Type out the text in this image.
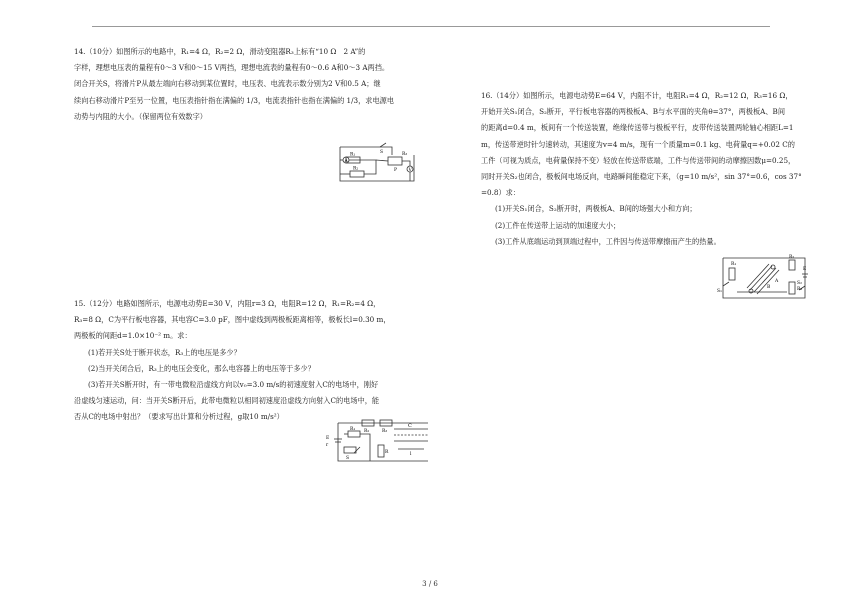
14.（10分）如图所示的电路中，R₁=4 Ω，R₂=2 Ω，滑动变阻器R₃上标有“10 Ω　2 A”的

字样，理想电压表的量程有0～3 V和0～15 V两挡，理想电流表的量程有0～0.6 A和0～3 A两挡。

闭合开关S，将滑片P从最左端向右移动到某位置时，电压表、电流表示数分别为2 V和0.5 A；继

续向右移动滑片P至另一位置，电压表指针指在满偏的 1/3，电流表指针也指在满偏的 1/3，求电源电

动势与内阻的大小。（保留两位有效数字）

A
V
R₁
R₂
R₃
S
P

15.（12分）电路如图所示，电源电动势E=30 V，内阻r=3 Ω，电阻R=12 Ω，R₁=R₂=4 Ω，

R₃=8 Ω，C为平行板电容器，其电容C=3.0 pF，图中虚线到两极板距离相等，极板长l=0.30 m，

两极板的间距d=1.0×10⁻² m。求：

(1)若开关S处于断开状态，R₃上的电压是多少？

(2)当开关闭合后，R₃上的电压会变化，那么电容器上的电压等于多少？

(3)若开关S断开时，有一带电微粒沿虚线方向以v₀=3.0 m/s的初速度射入C的电场中，刚好

沿虚线匀速运动，问：当开关S断开后，此带电微粒以相同初速度沿虚线方向射入C的电场中，能

否从C的电场中射出？（要求写出计算和分析过程，g取10 m/s²）

E
r
R₁ R₂	R₃
R
S
C
l

16.（14分）如图所示，电源电动势E=64 V，内阻不计，电阻R₁=4 Ω，R₂=12 Ω，R₃=16 Ω，

开始开关S₁闭合，S₂断开，平行板电容器的两极板A、B与水平面的夹角θ=37°，两极板A、B间

的距离d=0.4 m，板间有一个传送装置，绝缘传送带与极板平行，皮带传送装置两轮轴心相距L=1

m，传送带逆时针匀速转动，其速度为v=4 m/s，现有一个质量m=0.1 kg、电荷量q=+0.02 C的

工件（可视为质点，电荷量保持不变）轻放在传送带底端，工件与传送带间的动摩擦因数μ=0.25，

同时开关S₂也闭合，极板间电场反向，电路瞬间能稳定下来，（g=10 m/s²，sin 37°=0.6，cos 37°

=0.8）求：

(1)开关S₁闭合，S₂断开时，两极板A、B间的场强大小和方向；

(2)工件在传送带上运动的加速度大小；

(3)工件从底端运动到顶端过程中，工件因与传送带摩擦而产生的热量。

R₁
R₂
R₃
S₁
S₂
E
A
B
3 / 6
